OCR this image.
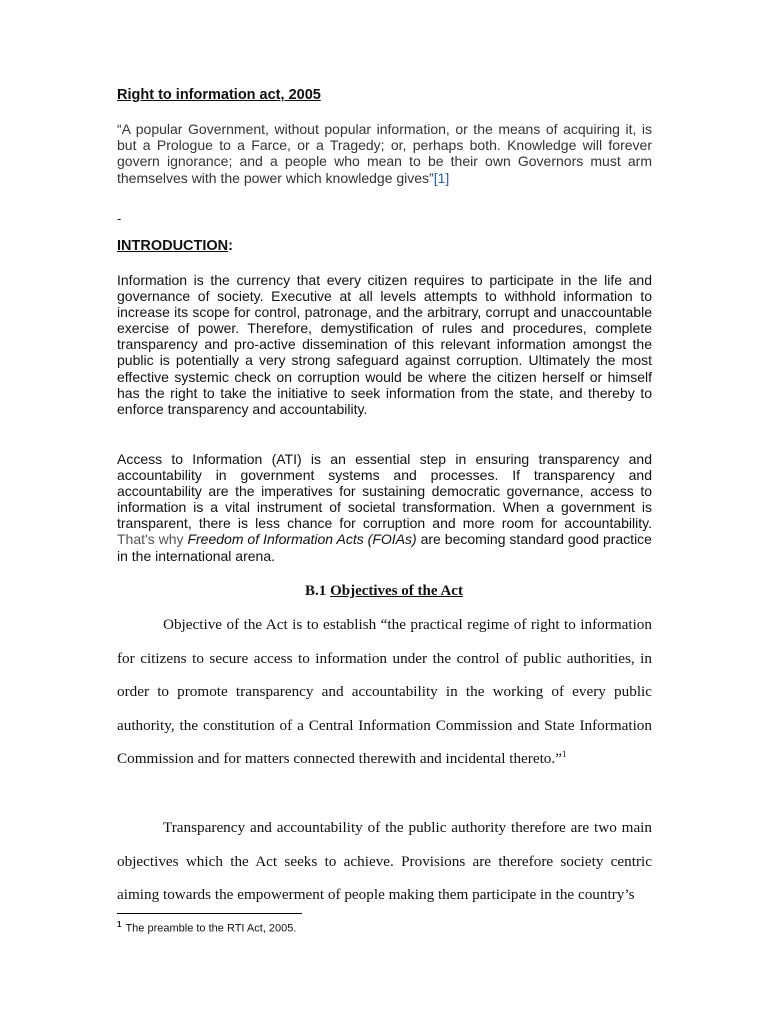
Right to information act, 2005
“A popular Government, without popular information, or the means of acquiring it, is but a Prologue to a Farce, or a Tragedy; or, perhaps both. Knowledge will forever govern ignorance; and a people who mean to be their own Governors must arm themselves with the power which knowledge gives”[1]
-
INTRODUCTION:
Information is the currency that every citizen requires to participate in the life and governance of society. Executive at all levels attempts to withhold information to increase its scope for control, patronage, and the arbitrary, corrupt and unaccountable exercise of power. Therefore, demystification of rules and procedures, complete transparency and pro-active dissemination of this relevant information amongst the public is potentially a very strong safeguard against corruption. Ultimately the most effective systemic check on corruption would be where the citizen herself or himself has the right to take the initiative to seek information from the state, and thereby to enforce transparency and accountability.
Access to Information (ATI) is an essential step in ensuring transparency and accountability in government systems and processes. If transparency and accountability are the imperatives for sustaining democratic governance, access to information is a vital instrument of societal transformation. When a government is transparent, there is less chance for corruption and more room for accountability. That's why Freedom of Information Acts (FOIAs) are becoming standard good practice in the international arena.
B.1 Objectives of the Act
Objective of the Act is to establish “the practical regime of right to information for citizens to secure access to information under the control of public authorities, in order to promote transparency and accountability in the working of every public authority, the constitution of a Central Information Commission and State Information Commission and for matters connected therewith and incidental thereto.”$^1$
Transparency and accountability of the public authority therefore are two main objectives which the Act seeks to achieve. Provisions are therefore society centric aiming towards the empowerment of people making them participate in the country’s
$^1$ The preamble to the RTI Act, 2005.
